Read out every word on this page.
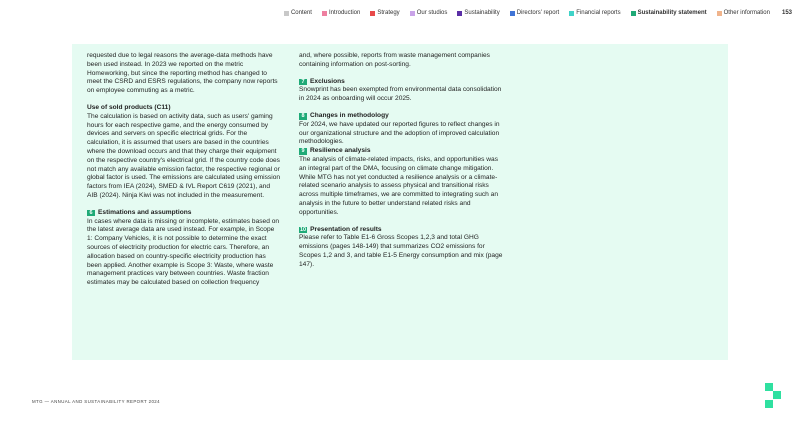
Content	Introduction	Strategy	Our studios	Sustainability	Directors' report	Financial reports	Sustainability statement	Other information 153

requested due to legal reasons the average-data methods have been used instead. In 2023 we reported on the metric Homeworking, but since the reporting method has changed to meet the CSRD and ESRS regulations, the company now reports on employee commuting as a metric.

Use of sold products (C11)

The calculation is based on activity data, such as users' gaming hours for each respective game, and the energy consumed by devices and servers on specific electrical grids. For the calculation, it is assumed that users are based in the countries where the download occurs and that they charge their equipment on the respective country's electrical grid. If the country code does not match any available emission factor, the respective regional or global factor is used. The emissions are calculated using emission factors from IEA (2024), SMED & IVL Report C619 (2021), and AIB (2024). Ninja Kiwi was not included in the measurement.

6 Estimations and assumptions

In cases where data is missing or incomplete, estimates based on the latest average data are used instead. For example, in Scope 1: Company Vehicles, it is not possible to determine the exact sources of electricity production for electric cars. Therefore, an allocation based on country-specific electricity production has been applied. Another example is Scope 3: Waste, where waste management practices vary between countries. Waste fraction estimates may be calculated based on collection frequency

and, where possible, reports from waste management companies containing information on post-sorting.

7 Exclusions

Snowprint has been exempted from environmental data consolidation in 2024 as onboarding will occur 2025.

8 Changes in methodology

For 2024, we have updated our reported figures to reflect changes in our organizational structure and the adoption of improved calculation methodologies.

9 Resilience analysis

The analysis of climate-related impacts, risks, and opportunities was an integral part of the DMA, focusing on climate change mitigation. While MTG has not yet conducted a resilience analysis or a climate-related scenario analysis to assess physical and transitional risks across multiple timeframes, we are committed to integrating such an analysis in the future to better understand related risks and opportunities.

10 Presentation of results

Please refer to Table E1-6 Gross Scopes 1,2,3 and total GHG emissions (pages 148-149) that summarizes CO2 emissions for Scopes 1,2 and 3, and table E1-5 Energy consumption and mix (page 147).

MTG — ANNUAL AND SUSTAINABILITY REPORT 2024
